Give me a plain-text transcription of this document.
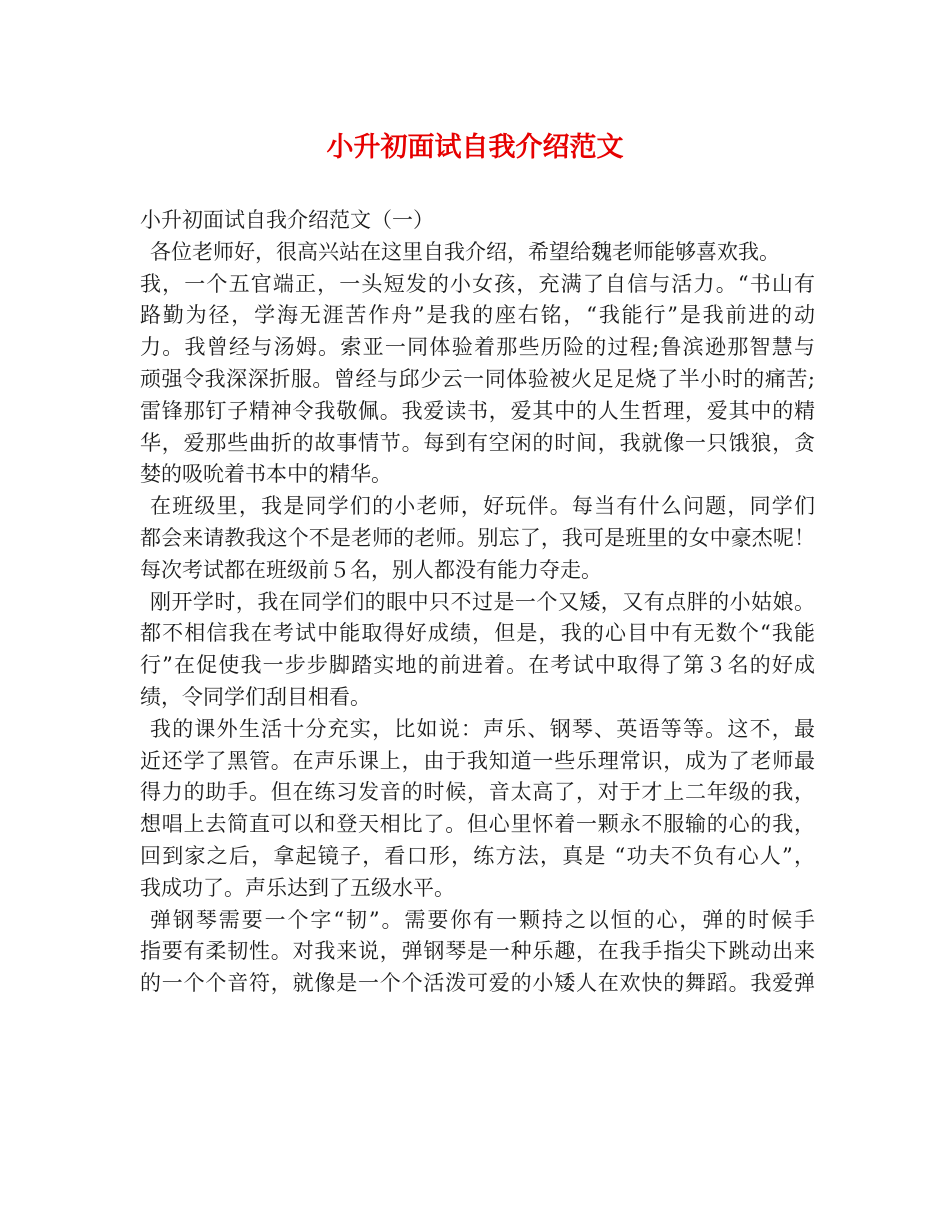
小升初面试自我介绍范文
小升初面试自我介绍范文（一）
各位老师好，很高兴站在这里自我介绍，希望给魏老师能够喜欢我。
我，一个五官端正，一头短发的小女孩，充满了自信与活力。“书山有
路勤为径，学海无涯苦作舟”是我的座右铭，“我能行”是我前进的动
力。我曾经与汤姆。索亚一同体验着那些历险的过程;鲁滨逊那智慧与
顽强令我深深折服。曾经与邱少云一同体验被火足足烧了半小时的痛苦;
雷锋那钉子精神令我敬佩。我爱读书，爱其中的人生哲理，爱其中的精
华，爱那些曲折的故事情节。每到有空闲的时间，我就像一只饿狼，贪
婪的吸吮着书本中的精华。
在班级里，我是同学们的小老师，好玩伴。每当有什么问题，同学们
都会来请教我这个不是老师的老师。别忘了，我可是班里的女中豪杰呢！
每次考试都在班级前５名，别人都没有能力夺走。
刚开学时，我在同学们的眼中只不过是一个又矮，又有点胖的小姑娘。
都不相信我在考试中能取得好成绩，但是，我的心目中有无数个“我能
行”在促使我一步步脚踏实地的前进着。在考试中取得了第３名的好成
绩，令同学们刮目相看。
我的课外生活十分充实，比如说：声乐、钢琴、英语等等。这不，最
近还学了黑管。在声乐课上，由于我知道一些乐理常识，成为了老师最
得力的助手。但在练习发音的时候，音太高了，对于才上二年级的我，
想唱上去简直可以和登天相比了。但心里怀着一颗永不服输的心的我，
回到家之后，拿起镜子，看口形，练方法，真是 “功夫不负有心人”，
我成功了。声乐达到了五级水平。
弹钢琴需要一个字“韧”。需要你有一颗持之以恒的心，弹的时候手
指要有柔韧性。对我来说，弹钢琴是一种乐趣，在我手指尖下跳动出来
的一个个音符，就像是一个个活泼可爱的小矮人在欢快的舞蹈。我爱弹
